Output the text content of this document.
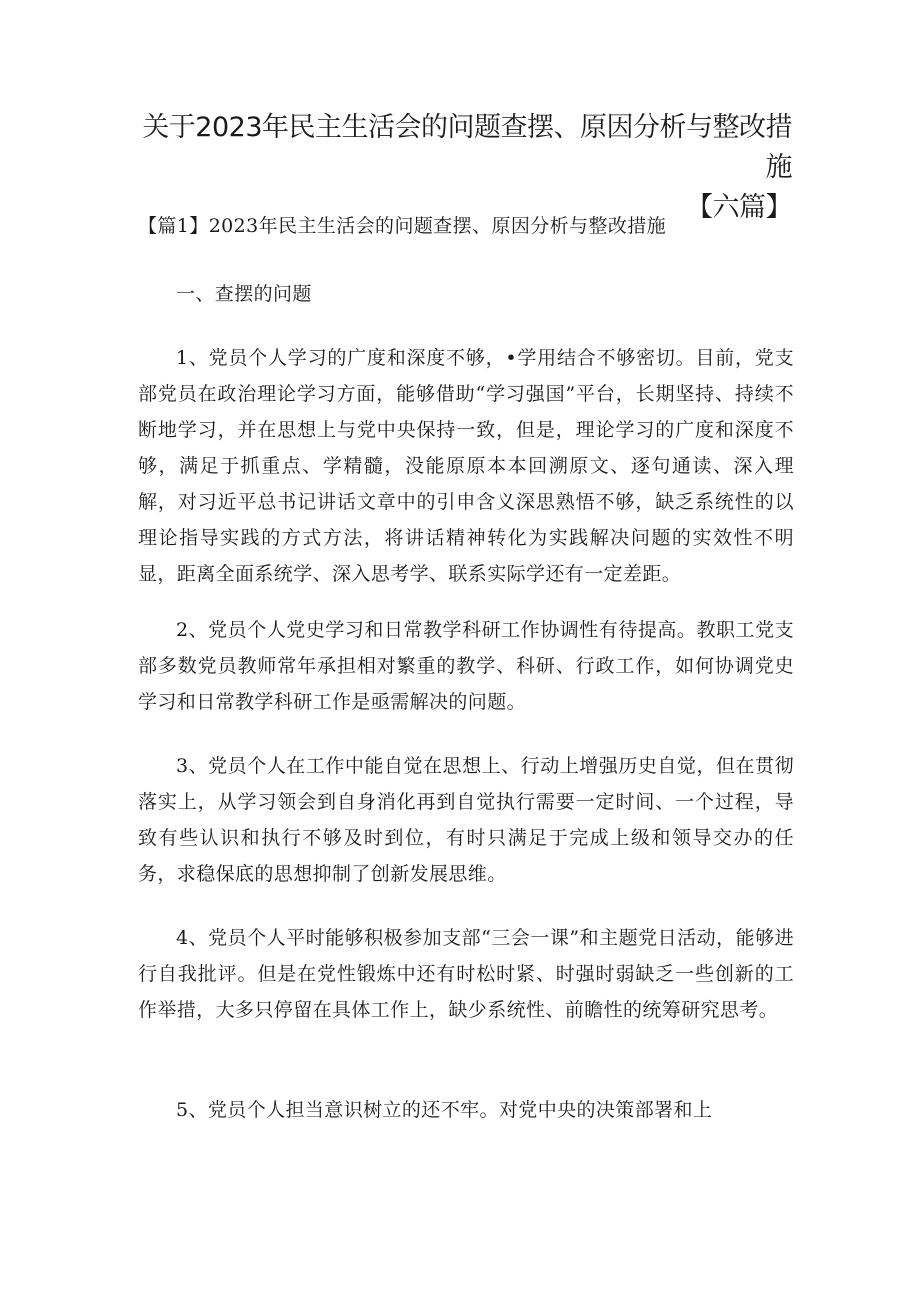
关于2023年民主生活会的问题查摆、原因分析与整改措施
【六篇】

【篇1】2023年民主生活会的问题查摆、原因分析与整改措施

一、查摆的问题

1、党员个人学习的广度和深度不够，•学用结合不够密切。目前，党支部党员在政治理论学习方面，能够借助“学习强国”平台，长期坚持、持续不断地学习，并在思想上与党中央保持一致，但是，理论学习的广度和深度不够，满足于抓重点、学精髓，没能原原本本回溯原文、逐句通读、深入理解，对习近平总书记讲话文章中的引申含义深思熟悟不够，缺乏系统性的以理论指导实践的方式方法，将讲话精神转化为实践解决问题的实效性不明显，距离全面系统学、深入思考学、联系实际学还有一定差距。

2、党员个人党史学习和日常教学科研工作协调性有待提高。教职工党支部多数党员教师常年承担相对繁重的教学、科研、行政工作，如何协调党史学习和日常教学科研工作是亟需解决的问题。

3、党员个人在工作中能自觉在思想上、行动上增强历史自觉，但在贯彻落实上，从学习领会到自身消化再到自觉执行需要一定时间、一个过程，导致有些认识和执行不够及时到位，有时只满足于完成上级和领导交办的任务，求稳保底的思想抑制了创新发展思维。

4、党员个人平时能够积极参加支部“三会一课”和主题党日活动，能够进行自我批评。但是在党性锻炼中还有时松时紧、时强时弱缺乏一些创新的工作举措，大多只停留在具体工作上，缺少系统性、前瞻性的统筹研究思考。

5、党员个人担当意识树立的还不牢。对党中央的决策部署和上
